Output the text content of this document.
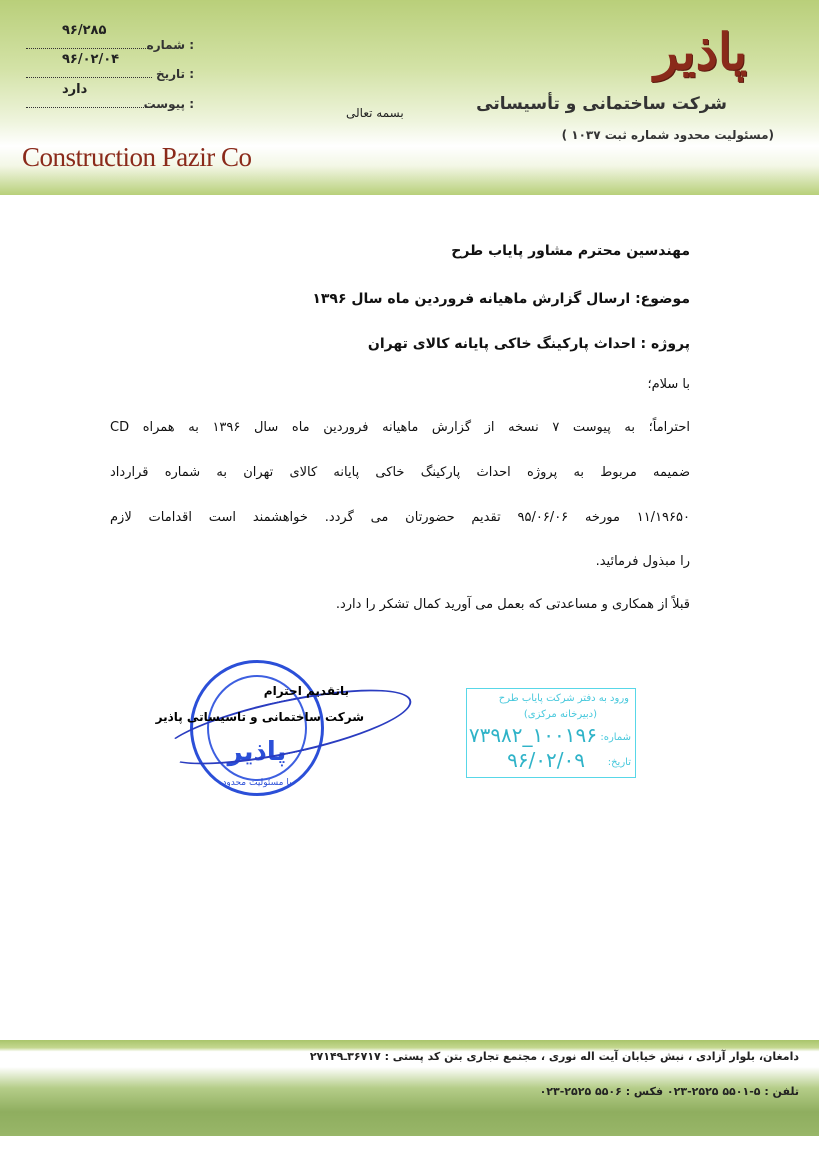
پاذیر
شرکت ساختمانی و تأسیساتی
(مسئولیت محدود شماره ثبت ۱۰۳۷ )
Construction Pazir Co
بسمه تعالی
شماره :
۹۶/۲۸۵
تاریخ :
۹۶/۰۲/۰۴
پیوست :
دارد
مهندسین محترم مشاور پایاب طرح
موضوع: ارسال گزارش ماهیانه فروردین ماه سال ۱۳۹۶
پروژه : احداث پارکینگ خاکی پایانه کالای تهران
با سلام؛
احتراماً؛ به پیوست ۷ نسخه از گزارش ماهیانه فروردین ماه سال ۱۳۹۶ به همراه CD
ضمیمه مربوط به پروژه احداث پارکینگ خاکی پایانه کالای تهران به شماره قرارداد
۱۱/۱۹۶۵۰ مورخه ۹۵/۰۶/۰۶ تقدیم حضورتان می گردد. خواهشمند است اقدامات لازم
را مبذول فرمائید.
قبلاً از همکاری و مساعدتی که بعمل می آورید کمال تشکر را دارد.
پاذیر
با مسئولیت محدود
باتقدیم احترام
شرکت ساختمانی و تاسیساتی پاذیر
ورود به دفتر شرکت پایاب طرح
(دبیرخانه مرکزی)
شماره:
۱۰۰۱۹۶_۷۳۹۸۲
تاریخ:
۹۶/۰۲/۰۹
دامغان، بلوار آزادی ، نبش خیابان آیت اله نوری ، مجتمع تجاری بتن کد پستی : ۳۶۷۱۷ـ۲۷۱۴۹
تلفن : ۵-۵۵۰۱ ۲۵۲۵-۰۲۳ فکس : ۵۵۰۶ ۲۵۲۵-۰۲۳
